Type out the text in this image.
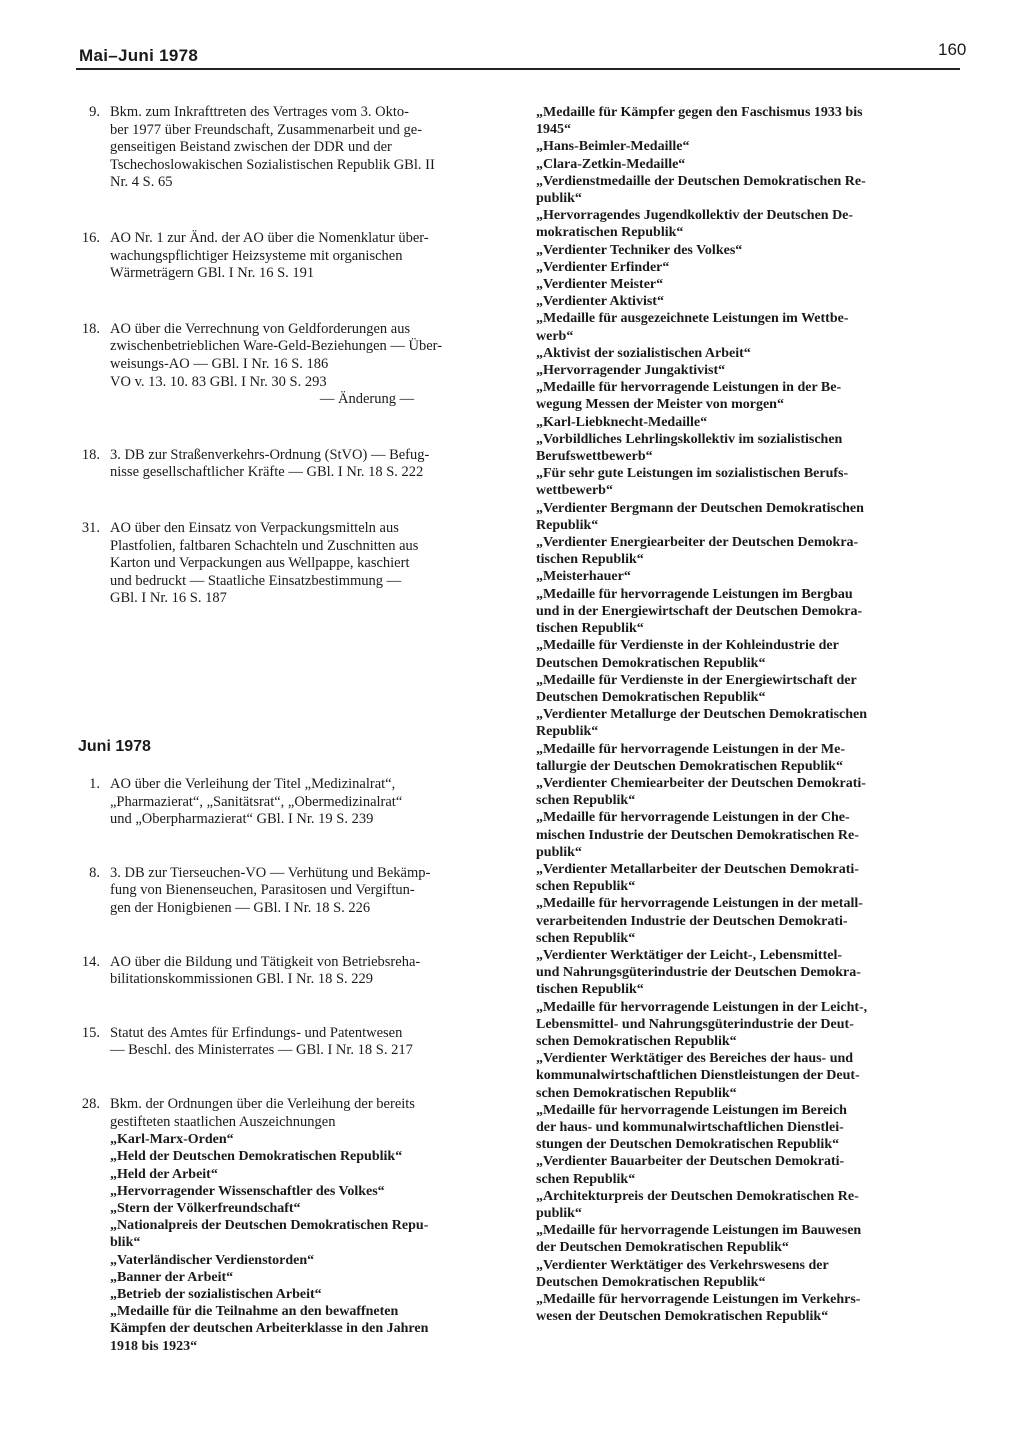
Mai–Juni 1978	160
9. Bkm. zum Inkrafttreten des Vertrages vom 3. Okto-
ber 1977 über Freundschaft, Zusammenarbeit und ge-
genseitigen Beistand zwischen der DDR und der
Tschechoslowakischen Sozialistischen Republik GBl. II
Nr. 4 S. 65
16. AO Nr. 1 zur Änd. der AO über die Nomenklatur über-
wachungspflichtiger Heizsysteme mit organischen
Wärmeträgern GBl. I Nr. 16 S. 191
18. AO über die Verrechnung von Geldforderungen aus
zwischenbetrieblichen Ware-Geld-Beziehungen — Über-
weisungs-AO — GBl. I Nr. 16 S. 186
VO v. 13. 10. 83 GBl. I Nr. 30 S. 293
— Änderung —
18. 3. DB zur Straßenverkehrs-Ordnung (StVO) — Befug-
nisse gesellschaftlicher Kräfte — GBl. I Nr. 18 S. 222
31. AO über den Einsatz von Verpackungsmitteln aus
Plastfolien, faltbaren Schachteln und Zuschnitten aus
Karton und Verpackungen aus Wellpappe, kaschiert
und bedruckt — Staatliche Einsatzbestimmung —
GBl. I Nr. 16 S. 187
Juni 1978
1. AO über die Verleihung der Titel „Medizinalrat“,
„Pharmazierat“, „Sanitätsrat“, „Obermedizinalrat“
und „Oberpharmazierat“ GBl. I Nr. 19 S. 239
8. 3. DB zur Tierseuchen-VO — Verhütung und Bekämp-
fung von Bienenseuchen, Parasitosen und Vergiftun-
gen der Honigbienen — GBl. I Nr. 18 S. 226
14. AO über die Bildung und Tätigkeit von Betriebsreha-
bilitationskommissionen GBl. I Nr. 18 S. 229
15. Statut des Amtes für Erfindungs- und Patentwesen
— Beschl. des Ministerrates — GBl. I Nr. 18 S. 217
28. Bkm. der Ordnungen über die Verleihung der bereits
gestifteten staatlichen Auszeichnungen
„Karl-Marx-Orden“
„Held der Deutschen Demokratischen Republik“
„Held der Arbeit“
„Hervorragender Wissenschaftler des Volkes“
„Stern der Völkerfreundschaft“
„Nationalpreis der Deutschen Demokratischen Repu-
blik“
„Vaterländischer Verdienstorden“
„Banner der Arbeit“
„Betrieb der sozialistischen Arbeit“
„Medaille für die Teilnahme an den bewaffneten
Kämpfen der deutschen Arbeiterklasse in den Jahren
1918 bis 1923“
„Medaille für Kämpfer gegen den Faschismus 1933 bis
1945“
„Hans-Beimler-Medaille“
„Clara-Zetkin-Medaille“
„Verdienstmedaille der Deutschen Demokratischen Re-
publik“
„Hervorragendes Jugendkollektiv der Deutschen De-
mokratischen Republik“
„Verdienter Techniker des Volkes“
„Verdienter Erfinder“
„Verdienter Meister“
„Verdienter Aktivist“
„Medaille für ausgezeichnete Leistungen im Wettbe-
werb“
„Aktivist der sozialistischen Arbeit“
„Hervorragender Jungaktivist“
„Medaille für hervorragende Leistungen in der Be-
wegung Messen der Meister von morgen“
„Karl-Liebknecht-Medaille“
„Vorbildliches Lehrlingskollektiv im sozialistischen
Berufswettbewerb“
„Für sehr gute Leistungen im sozialistischen Berufs-
wettbewerb“
„Verdienter Bergmann der Deutschen Demokratischen
Republik“
„Verdienter Energiearbeiter der Deutschen Demokra-
tischen Republik“
„Meisterhauer“
„Medaille für hervorragende Leistungen im Bergbau
und in der Energiewirtschaft der Deutschen Demokra-
tischen Republik“
„Medaille für Verdienste in der Kohleindustrie der
Deutschen Demokratischen Republik“
„Medaille für Verdienste in der Energiewirtschaft der
Deutschen Demokratischen Republik“
„Verdienter Metallurge der Deutschen Demokratischen
Republik“
„Medaille für hervorragende Leistungen in der Me-
tallurgie der Deutschen Demokratischen Republik“
„Verdienter Chemiearbeiter der Deutschen Demokrati-
schen Republik“
„Medaille für hervorragende Leistungen in der Che-
mischen Industrie der Deutschen Demokratischen Re-
publik“
„Verdienter Metallarbeiter der Deutschen Demokrati-
schen Republik“
„Medaille für hervorragende Leistungen in der metall-
verarbeitenden Industrie der Deutschen Demokrati-
schen Republik“
„Verdienter Werktätiger der Leicht-, Lebensmittel-
und Nahrungsgüterindustrie der Deutschen Demokra-
tischen Republik“
„Medaille für hervorragende Leistungen in der Leicht-,
Lebensmittel- und Nahrungsgüterindustrie der Deut-
schen Demokratischen Republik“
„Verdienter Werktätiger des Bereiches der haus- und
kommunalwirtschaftlichen Dienstleistungen der Deut-
schen Demokratischen Republik“
„Medaille für hervorragende Leistungen im Bereich
der haus- und kommunalwirtschaftlichen Dienstlei-
stungen der Deutschen Demokratischen Republik“
„Verdienter Bauarbeiter der Deutschen Demokrati-
schen Republik“
„Architekturpreis der Deutschen Demokratischen Re-
publik“
„Medaille für hervorragende Leistungen im Bauwesen
der Deutschen Demokratischen Republik“
„Verdienter Werktätiger des Verkehrswesens der
Deutschen Demokratischen Republik“
„Medaille für hervorragende Leistungen im Verkehrs-
wesen der Deutschen Demokratischen Republik“
